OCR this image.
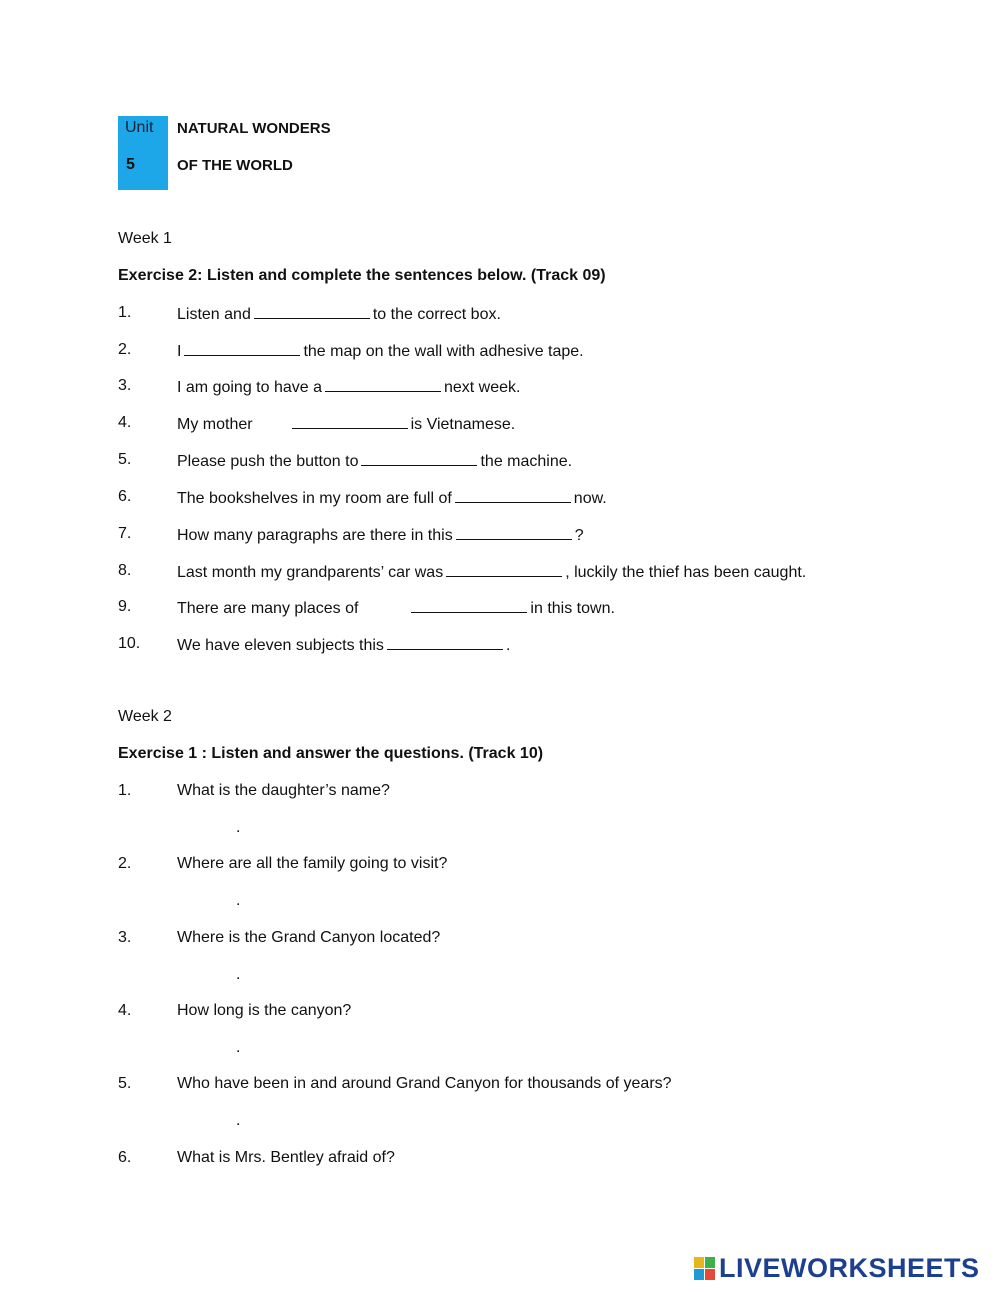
Unit
5
NATURAL WONDERS
OF THE WORLD
Week 1
Exercise 2: Listen and complete the sentences below. (Track 09)
1.	Listen and	to the correct box.
2.	I	the map on the wall with adhesive tape.
3.	I am going to have a	next week.
4.	My mother	is Vietnamese.
5.	Please push the button to	the machine.
6.	The bookshelves in my room are full of	now.
7.	How many paragraphs are there in this	?
8.	Last month my grandparents’ car was	, luckily the thief has been caught.
9.	There are many places of	in this town.
10. We have eleven subjects this	.
Week 2
Exercise 1 : Listen and answer the questions. (Track 10)
1.	What is the daughter’s name?
.
2.	Where are all the family going to visit?
.
3.	Where is the Grand Canyon located?
.
4.	How long is the canyon?
.
5.	Who have been in and around Grand Canyon for thousands of years?
.
6.	What is Mrs. Bentley afraid of?
LIVEWORKSHEETS
